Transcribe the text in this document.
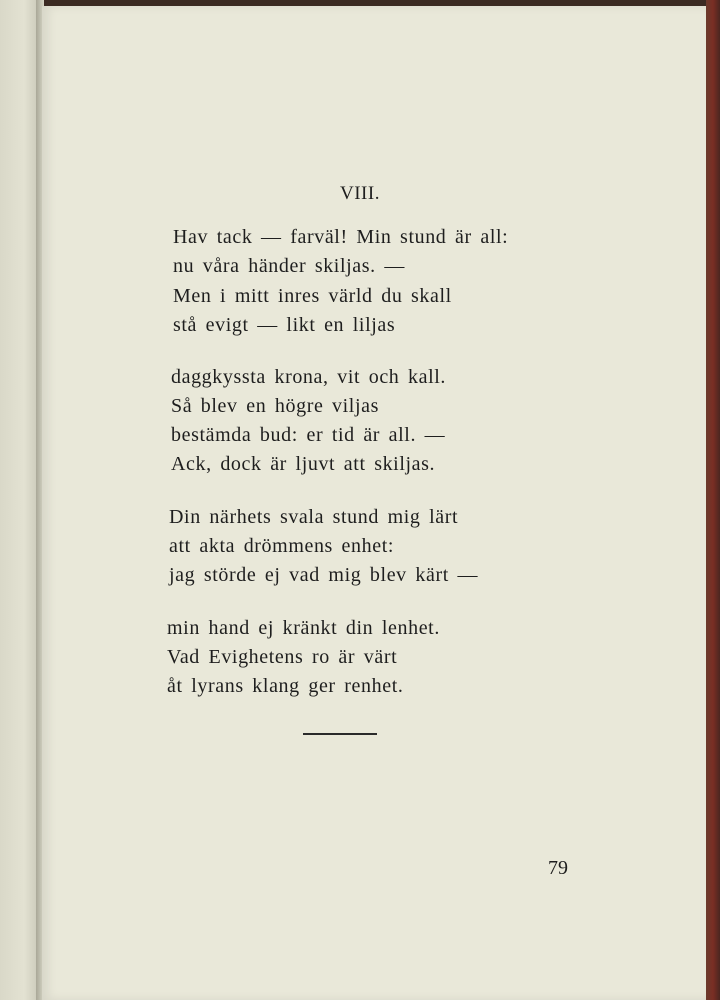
VIII.
Hav tack — farväl! Min stund är all:
nu våra händer skiljas. —
Men i mitt inres värld du skall
stå evigt — likt en liljas
daggkyssta krona, vit och kall.
Så blev en högre viljas
bestämda bud: er tid är all. —
Ack, dock är ljuvt att skiljas.
Din närhets svala stund mig lärt
att akta drömmens enhet:
jag störde ej vad mig blev kärt —
min hand ej kränkt din lenhet.
Vad Evighetens ro är värt
åt lyrans klang ger renhet.
79
